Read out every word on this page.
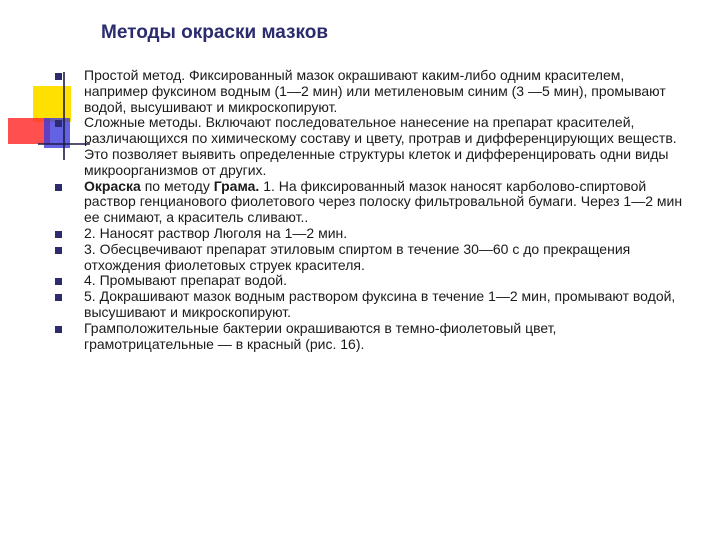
Методы окраски мазков
Простой метод. Фиксированный мазок окрашивают каким-либо одним красителем, например фуксином водным (1—2 мин) или метиленовым синим (3 —5 мин), промывают водой, высушивают и микроскопируют.
Сложные методы. Включают последовательное нанесение на препарат красителей, различающихся по химическому составу и цвету, протрав и дифференцирующих веществ. Это позволяет выявить определенные структуры клеток и дифференцировать одни виды микроорганизмов от других.
Окраска по методу Грама. 1. На фиксированный мазок наносят карболово-спиртовой раствор генцианового фиолетового через полоску фильтровальной бумаги. Через 1—2 мин ее снимают, а краситель сливают..
2. Наносят раствор Люголя на 1—2 мин.
3. Обесцвечивают препарат этиловым спиртом в течение 30—60 с до прекращения отхождения фиолетовых струек красителя.
4. Промывают препарат водой.
5. Докрашивают мазок водным раствором фуксина в течение 1—2 мин, промывают водой, высушивают и микроскопируют.
Грамположительные бактерии окрашиваются в темно-фиолетовый цвет, грамотрицательные — в красный (рис. 16).
